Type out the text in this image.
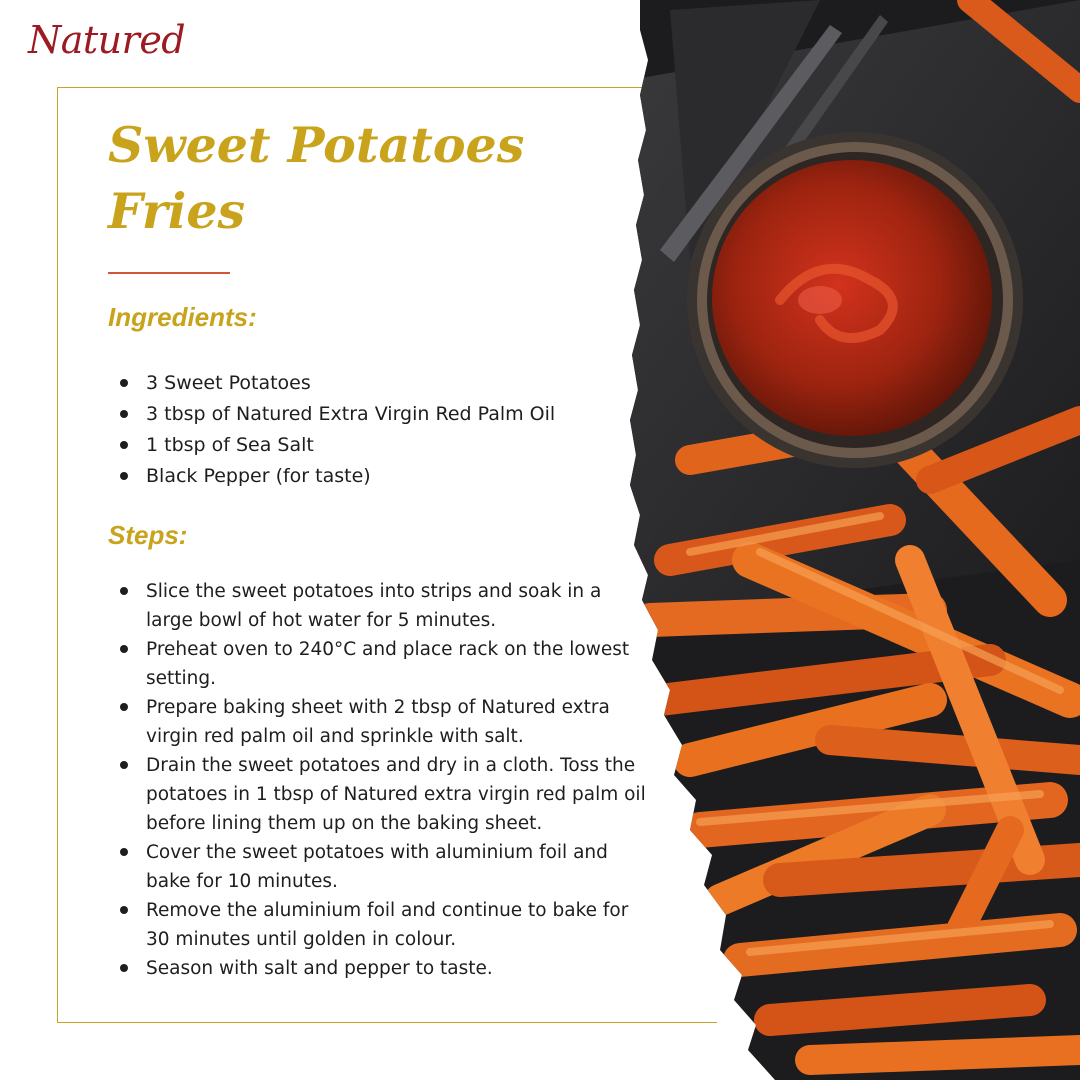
Natured
Sweet Potatoes
Fries
Ingredients:
3 Sweet Potatoes
3 tbsp of Natured Extra Virgin Red Palm Oil
1 tbsp of Sea Salt
Black Pepper (for taste)
Steps:
Slice the sweet potatoes into strips and soak in a large bowl of hot water for 5 minutes.
Preheat oven to 240°C and place rack on the lowest setting.
Prepare baking sheet with 2 tbsp of Natured extra virgin red palm oil and sprinkle with salt.
Drain the sweet potatoes and dry in a cloth. Toss the potatoes in 1 tbsp of Natured extra virgin red palm oil before lining them up on the baking sheet.
Cover the sweet potatoes with aluminium foil and bake for 10 minutes.
Remove the aluminium foil and continue to bake for 30 minutes until golden in colour.
Season with salt and pepper to taste.
